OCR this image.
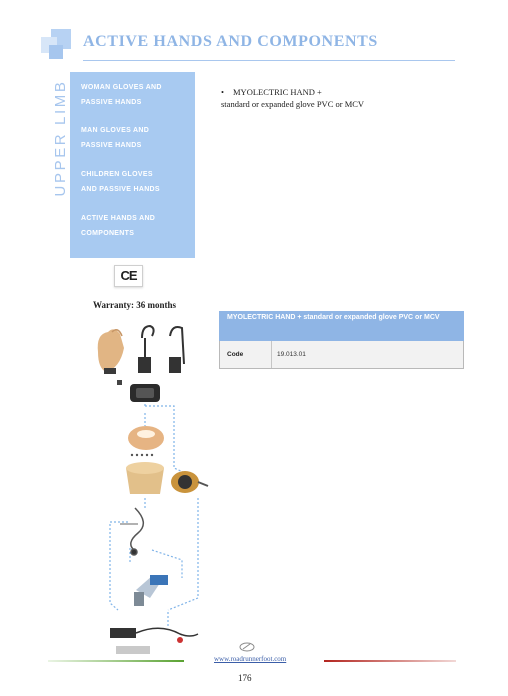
ACTIVE HANDS AND COMPONENTS
UPPER LIMB WOMAN GLOVES AND
PASSIVE HANDS
MAN GLOVES AND
PASSIVE HANDS
CHILDREN GLOVES
AND PASSIVE HANDS
ACTIVE HANDS AND
COMPONENTS
• MYOLECTRIC HAND +
standard or expanded glove PVC or MCV
CE
Warranty: 36 months
MYOLECTRIC HAND + standard or expanded glove PVC or MCV
Code	19.013.01
www.roadrunnerfoot.com
176
